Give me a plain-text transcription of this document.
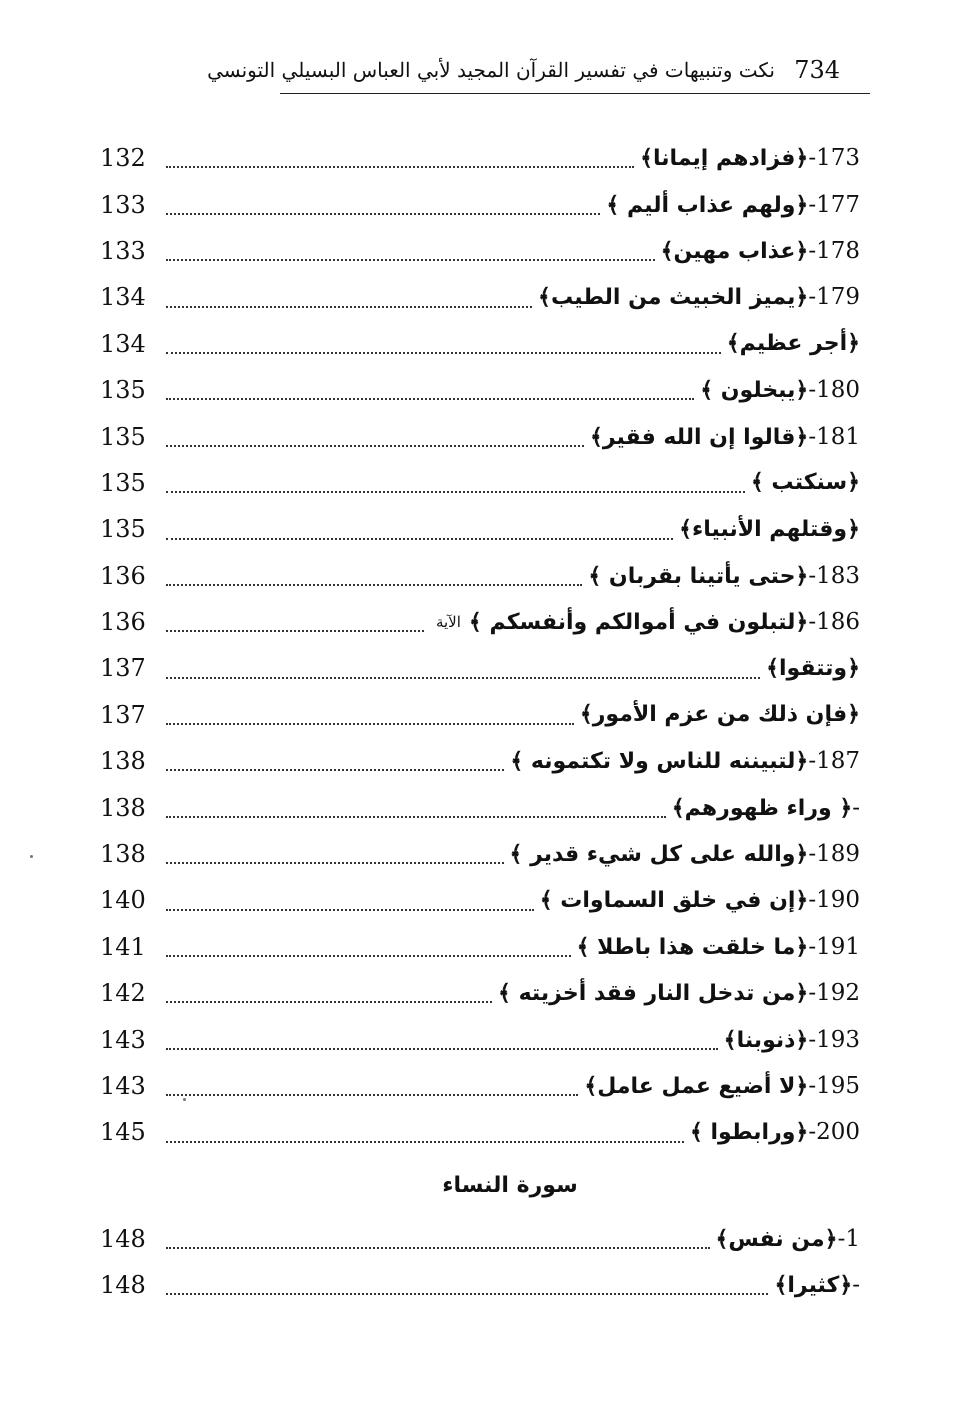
734
نكت وتنبيهات في تفسير القرآن المجيد لأبي العباس البسيلي التونسي
132	173-﴿فزادهم إيمانا﴾
133	177-﴿ولهم عذاب أليم ﴾
133	178-﴿عذاب مهين﴾
134	179-﴿يميز الخبيث من الطيب﴾
134	﴿أجر عظيم﴾
135	180-﴿يبخلون ﴾
135	181-﴿قالوا إن الله فقير﴾
135	﴿سنكتب ﴾
135	﴿وقتلهم الأنبياء﴾
136	183-﴿حتى يأتينا بقربان ﴾
136	الآية	186-﴿لتبلون في أموالكم وأنفسكم ﴾
137	﴿وتتقوا﴾
137	﴿فإن ذلك من عزم الأمور﴾
138	187-﴿لتبيننه للناس ولا تكتمونه ﴾
138	-﴿ وراء ظهورهم﴾
138	189-﴿والله على كل شيء قدير ﴾
140	190-﴿إن في خلق السماوات ﴾
141	191-﴿ما خلقت هذا باطلا ﴾
142	192-﴿من تدخل النار فقد أخزيته ﴾
143	193-﴿ذنوبنا﴾
143	195-﴿لا أضيع عمل عامل﴾
145	200-﴿ورابطوا ﴾
سورة النساء
148	1-﴿من نفس﴾
148	-﴿كثيرا﴾
